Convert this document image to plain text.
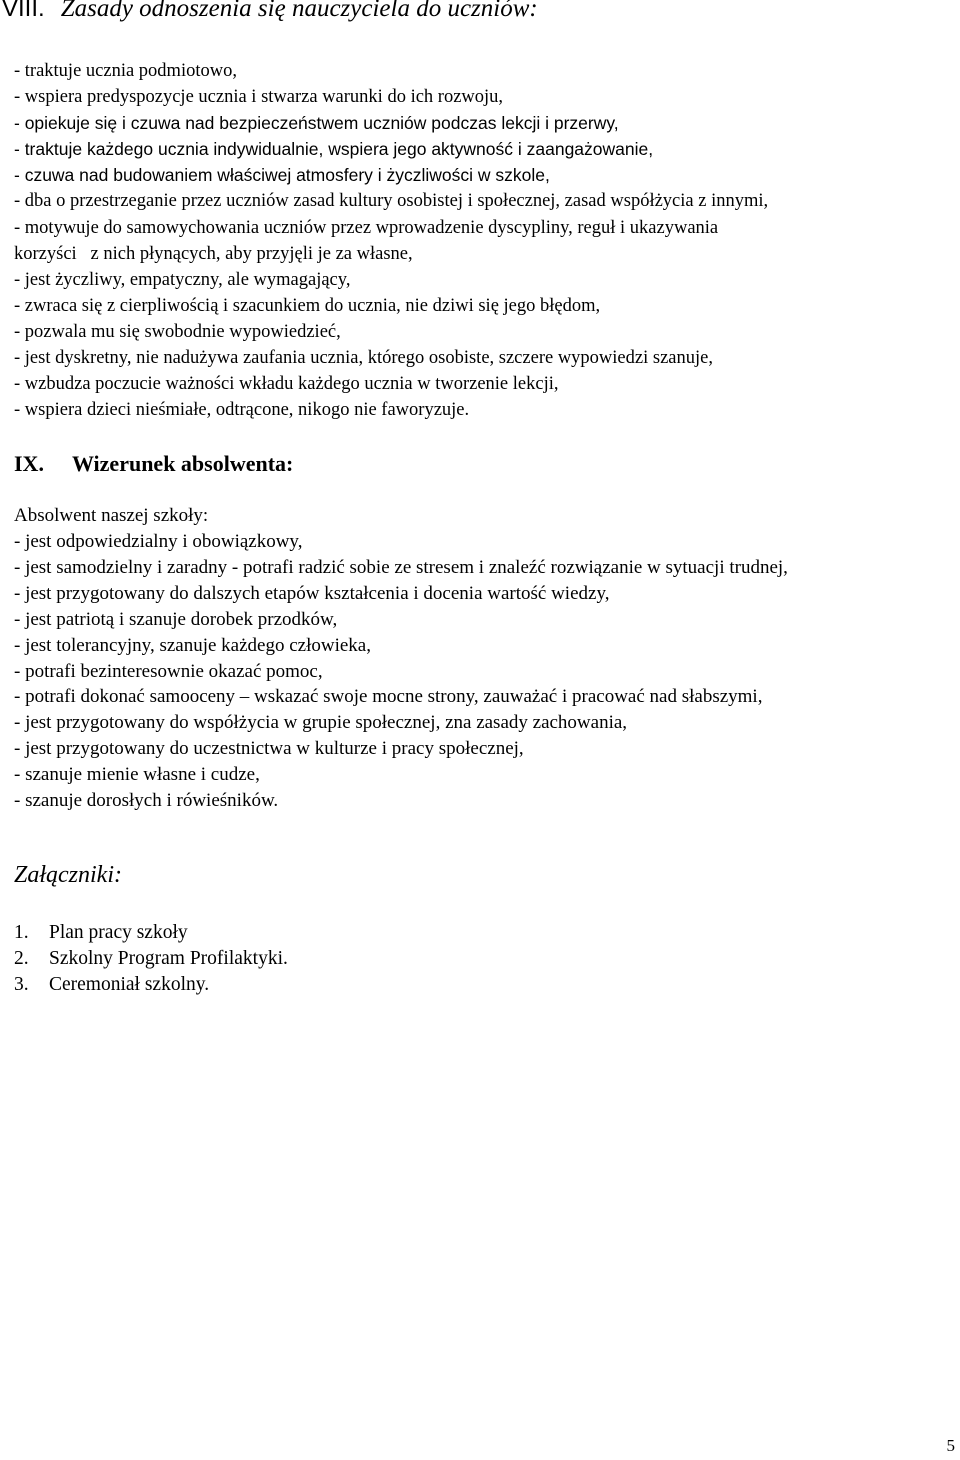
VIII. Zasady odnoszenia się nauczyciela do uczniów:
- traktuje ucznia podmiotowo,
- wspiera predyspozycje ucznia i stwarza warunki do ich rozwoju,
- opiekuje się i czuwa nad bezpieczeństwem uczniów podczas lekcji i przerwy,
- traktuje każdego ucznia indywidualnie, wspiera jego aktywność i zaangażowanie,
- czuwa nad budowaniem właściwej atmosfery i życzliwości w szkole,
- dba o przestrzeganie przez uczniów zasad kultury osobistej i społecznej, zasad współżycia z innymi,
- motywuje do samowychowania uczniów przez wprowadzenie dyscypliny, reguł i ukazywania
korzyści   z nich płynących, aby przyjęli je za własne,
- jest życzliwy, empatyczny, ale wymagający,
- zwraca się z cierpliwością i szacunkiem do ucznia, nie dziwi się jego błędom,
- pozwala mu się swobodnie wypowiedzieć,
- jest dyskretny, nie nadużywa zaufania ucznia, którego osobiste, szczere wypowiedzi szanuje,
- wzbudza poczucie ważności wkładu każdego ucznia w tworzenie lekcji,
- wspiera dzieci nieśmiałe, odtrącone, nikogo nie faworyzuje.
IX. Wizerunek absolwenta:
Absolwent naszej szkoły:
- jest odpowiedzialny i obowiązkowy,
- jest samodzielny i zaradny - potrafi radzić sobie ze stresem i znaleźć rozwiązanie w sytuacji trudnej,
- jest przygotowany do dalszych etapów kształcenia i docenia wartość wiedzy,
- jest patriotą i szanuje dorobek przodków,
- jest tolerancyjny, szanuje każdego człowieka,
- potrafi bezinteresownie okazać pomoc,
- potrafi dokonać samooceny – wskazać swoje mocne strony, zauważać i pracować nad słabszymi,
- jest przygotowany do współżycia w grupie społecznej, zna zasady zachowania,
- jest przygotowany do uczestnictwa w kulturze i pracy społecznej,
- szanuje mienie własne i cudze,
- szanuje dorosłych i rówieśników.
Załączniki:
1. Plan pracy szkoły
2. Szkolny Program Profilaktyki.
3. Ceremoniał szkolny.
5
